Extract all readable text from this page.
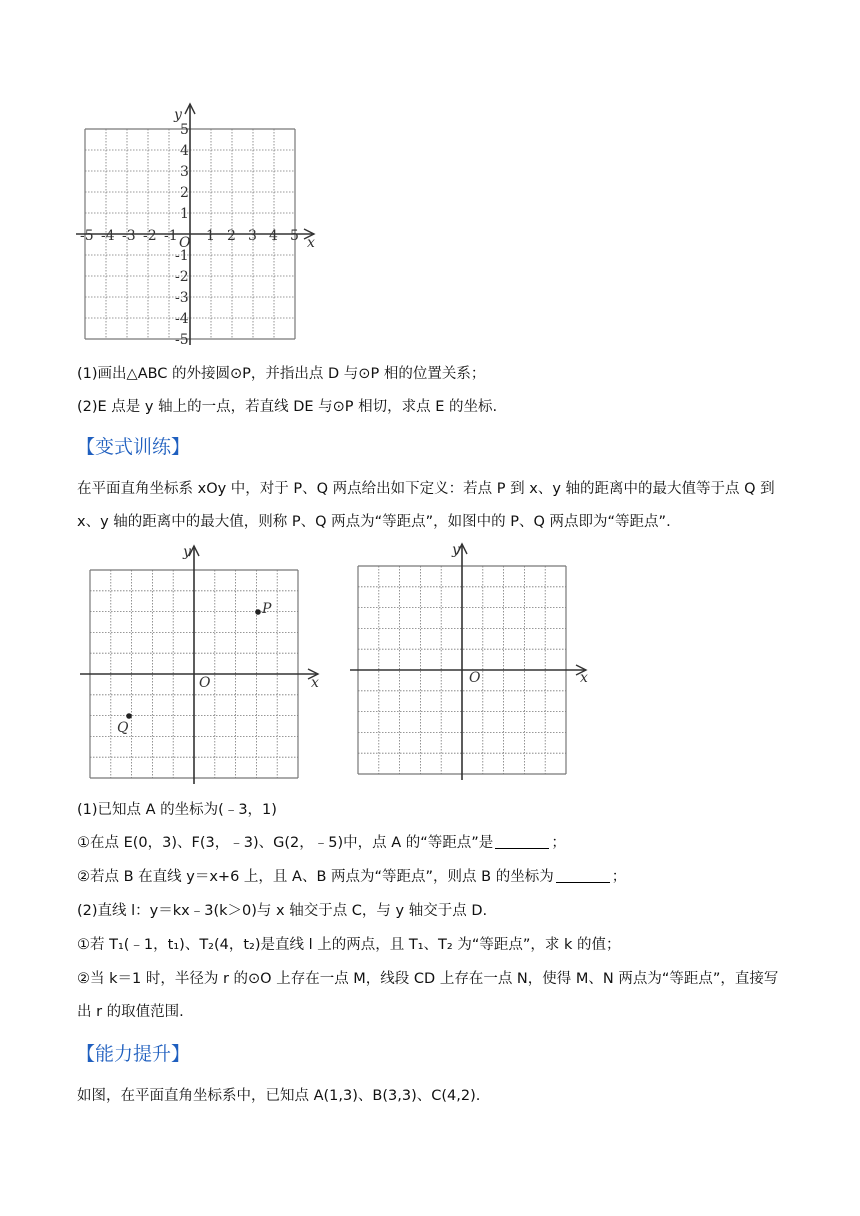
-5 -4 -3 -2 -1 1 2 3 4 5
5
4
3
2
1
-1
-2
-3
-4
-5
x
y
O
(1)画出△ABC 的外接圆⊙P，并指出点 D 与⊙P 相的位置关系；
(2)E 点是 y 轴上的一点，若直线 DE 与⊙P 相切，求点 E 的坐标.
【变式训练】
在平面直角坐标系 xOy 中，对于 P、Q 两点给出如下定义：若点 P 到 x、y 轴的距离中的最大值等于点 Q 到
x、y 轴的距离中的最大值，则称 P、Q 两点为“等距点”，如图中的 P、Q 两点即为“等距点”.
P
Q
O	x
y
O	x
y
(1)已知点 A 的坐标为(﹣3，1)
①在点 E(0，3)、F(3，﹣3)、G(2，﹣5)中，点 A 的“等距点”是	；
②若点 B 在直线 y＝x+6 上，且 A、B 两点为“等距点”，则点 B 的坐标为	；
(2)直线 l：y＝kx﹣3(k＞0)与 x 轴交于点 C，与 y 轴交于点 D.
①若 T₁(﹣1，t₁)、T₂(4，t₂)是直线 l 上的两点，且 T₁、T₂ 为“等距点”，求 k 的值；
②当 k＝1 时，半径为 r 的⊙O 上存在一点 M，线段 CD 上存在一点 N，使得 M、N 两点为“等距点”，直接写
出 r 的取值范围.
【能力提升】
如图，在平面直角坐标系中，已知点 A(1,3)、B(3,3)、C(4,2).
